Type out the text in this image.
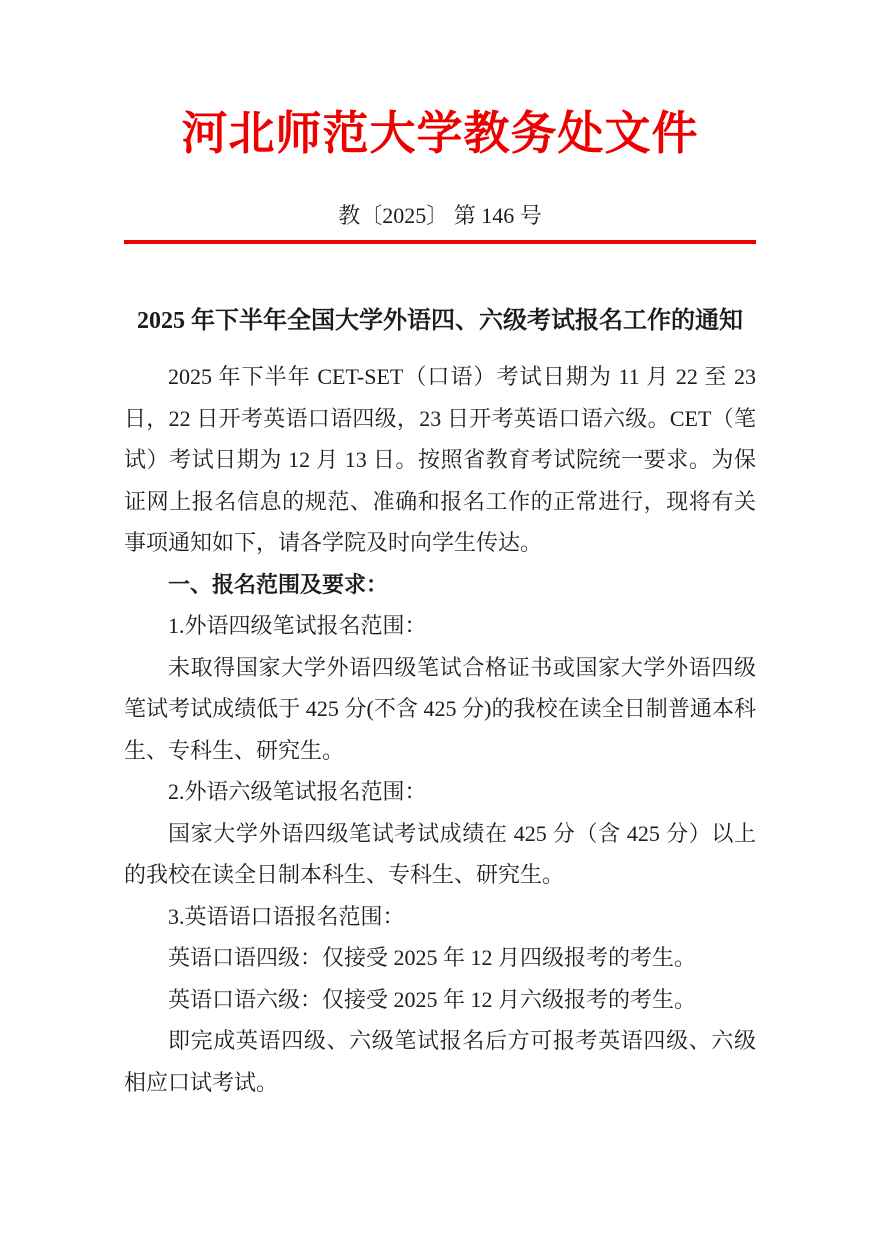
河北师范大学教务处文件
教〔2025〕 第 146 号
2025 年下半年全国大学外语四、六级考试报名工作的通知

2025 年下半年 CET-SET（口语）考试日期为 11 月 22 至 23 日，22 日开考英语口语四级，23 日开考英语口语六级。CET（笔试）考试日期为 12 月 13 日。按照省教育考试院统一要求。为保证网上报名信息的规范、准确和报名工作的正常进行，现将有关事项通知如下，请各学院及时向学生传达。

一、报名范围及要求：

1.外语四级笔试报名范围：

未取得国家大学外语四级笔试合格证书或国家大学外语四级笔试考试成绩低于 425 分(不含 425 分)的我校在读全日制普通本科生、专科生、研究生。

2.外语六级笔试报名范围：

国家大学外语四级笔试考试成绩在 425 分（含 425 分）以上的我校在读全日制本科生、专科生、研究生。

3.英语语口语报名范围：

英语口语四级：仅接受 2025 年 12 月四级报考的考生。

英语口语六级：仅接受 2025 年 12 月六级报考的考生。

即完成英语四级、六级笔试报名后方可报考英语四级、六级相应口试考试。
